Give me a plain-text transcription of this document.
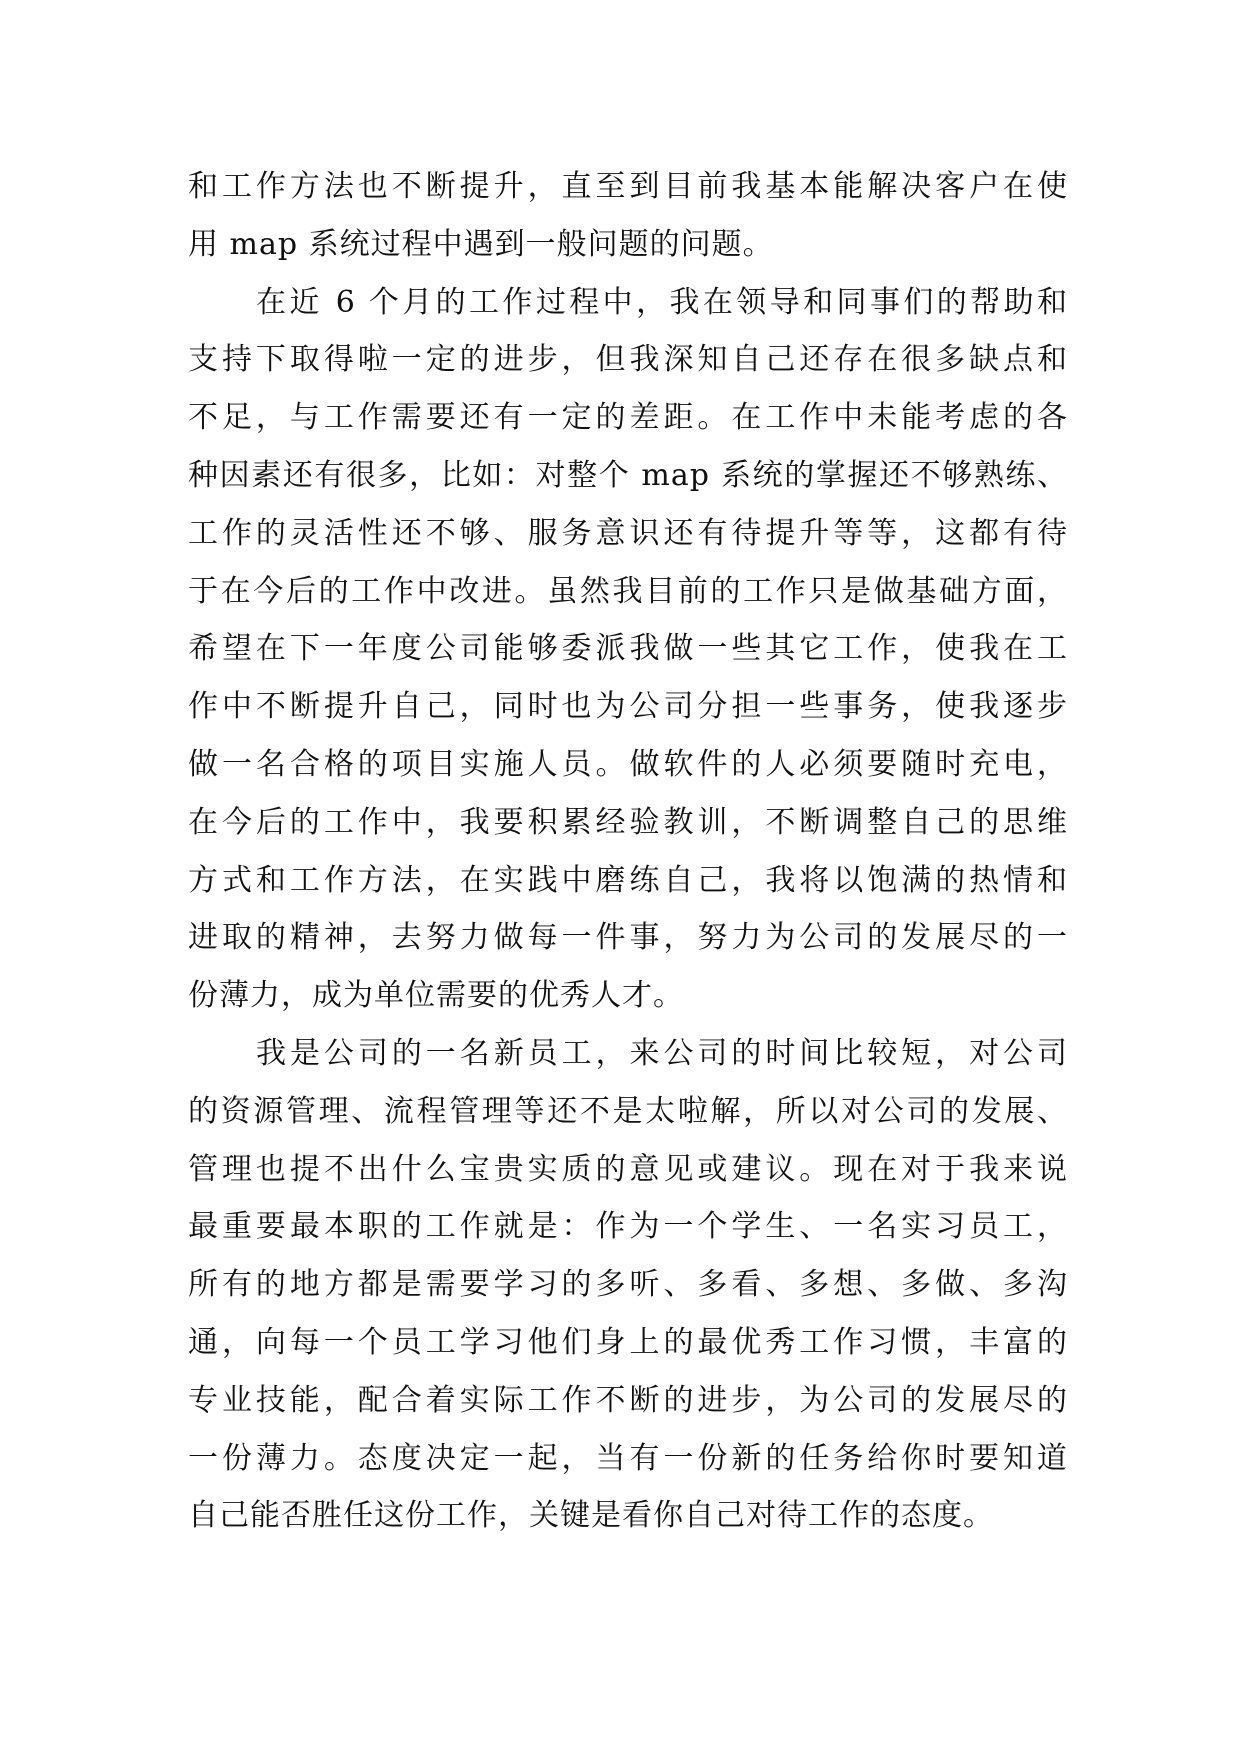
和工作方法也不断提升，直至到目前我基本能解决客户在使
用 map 系统过程中遇到一般问题的问题。
在近 6 个月的工作过程中，我在领导和同事们的帮助和
支持下取得啦一定的进步，但我深知自己还存在很多缺点和
不足，与工作需要还有一定的差距。在工作中未能考虑的各
种因素还有很多，比如：对整个 map 系统的掌握还不够熟练、
工作的灵活性还不够、服务意识还有待提升等等，这都有待
于在今后的工作中改进。虽然我目前的工作只是做基础方面，
希望在下一年度公司能够委派我做一些其它工作，使我在工
作中不断提升自己，同时也为公司分担一些事务，使我逐步
做一名合格的项目实施人员。做软件的人必须要随时充电，
在今后的工作中，我要积累经验教训，不断调整自己的思维
方式和工作方法，在实践中磨练自己，我将以饱满的热情和
进取的精神，去努力做每一件事，努力为公司的发展尽的一
份薄力，成为单位需要的优秀人才。
我是公司的一名新员工，来公司的时间比较短，对公司
的资源管理、流程管理等还不是太啦解，所以对公司的发展、
管理也提不出什么宝贵实质的意见或建议。现在对于我来说
最重要最本职的工作就是：作为一个学生、一名实习员工，
所有的地方都是需要学习的多听、多看、多想、多做、多沟
通，向每一个员工学习他们身上的最优秀工作习惯，丰富的
专业技能，配合着实际工作不断的进步，为公司的发展尽的
一份薄力。态度决定一起，当有一份新的任务给你时要知道
自己能否胜任这份工作，关键是看你自己对待工作的态度。
